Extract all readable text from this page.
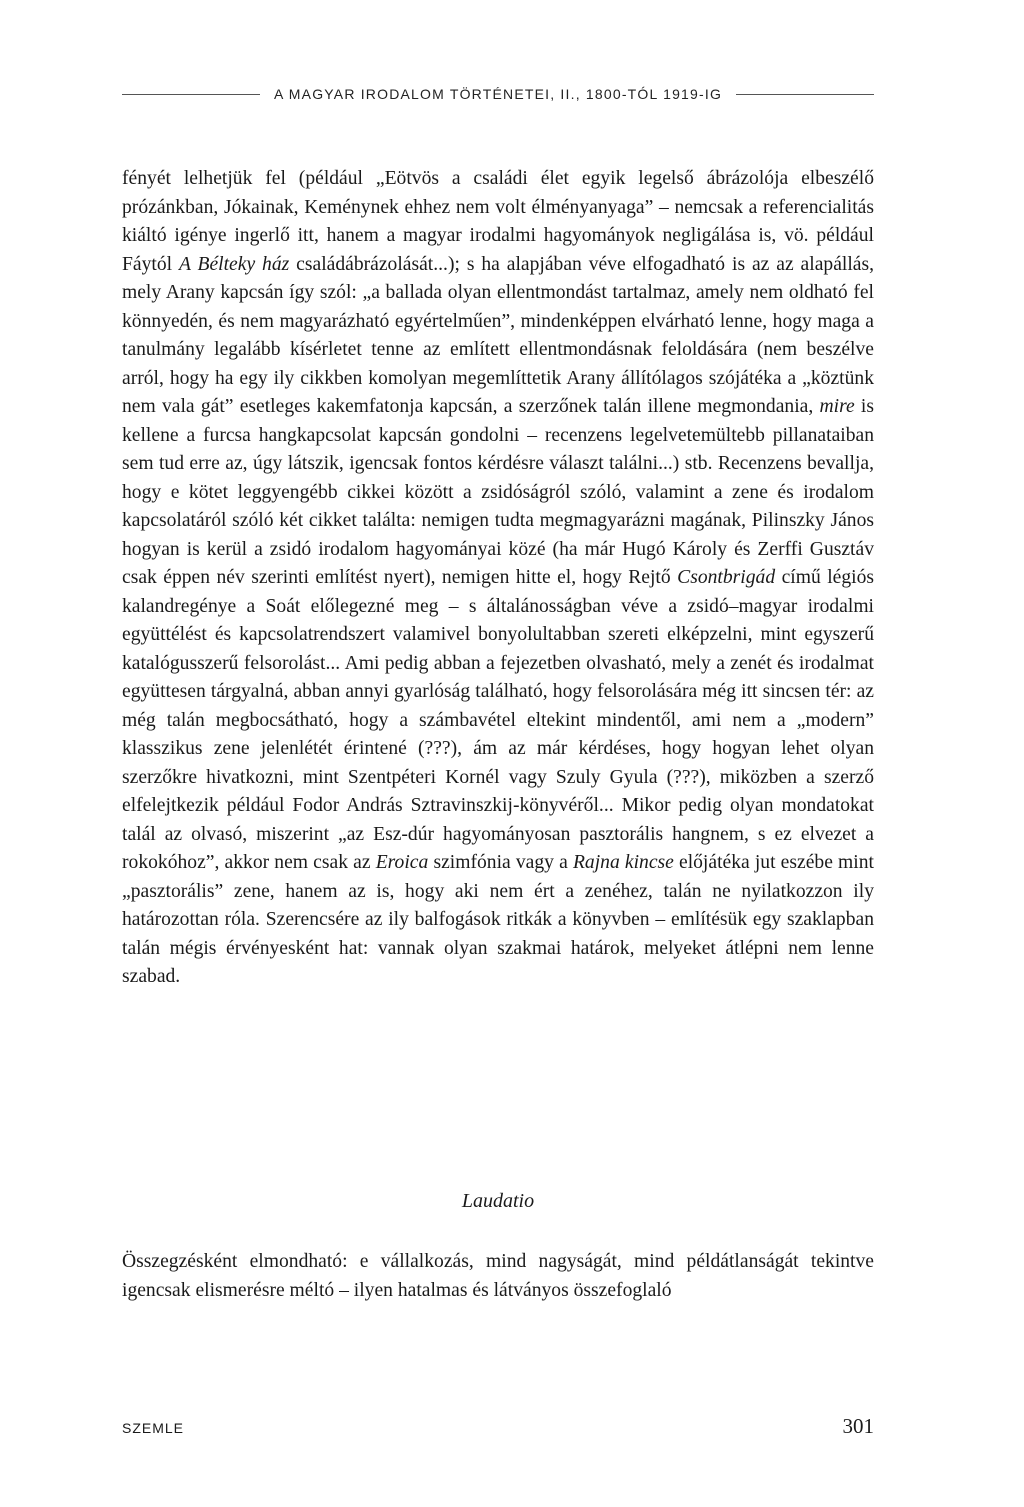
A MAGYAR IRODALOM TÖRTÉNETEI, II., 1800-TÓL 1919-IG

fényét lelhetjük fel (például „Eötvös a családi élet egyik legelső ábrázolója elbeszélő prózánkban, Jókainak, Keménynek ehhez nem volt élményanyaga” – nemcsak a referencialitás kiáltó igénye ingerlő itt, hanem a magyar irodalmi hagyományok negligálása is, vö. például Fáytól A Bélteky ház családábrázolását...); s ha alapjában véve elfogadható is az az alapállás, mely Arany kapcsán így szól: „a ballada olyan ellentmondást tartalmaz, amely nem oldható fel könnyedén, és nem magyarázható egyértelműen”, mindenképpen elvárható lenne, hogy maga a tanulmány legalább kísérletet tenne az említett ellentmondásnak feloldására (nem beszélve arról, hogy ha egy ily cikkben komolyan megemlíttetik Arany állítólagos szójátéka a „köztünk nem vala gát” esetleges kakemfatonja kapcsán, a szerzőnek talán illene megmondania, mire is kellene a furcsa hangkapcsolat kapcsán gondolni – recenzens legelvetemültebb pillanataiban sem tud erre az, úgy látszik, igencsak fontos kérdésre választ találni...) stb. Recenzens bevallja, hogy e kötet leggyengébb cikkei között a zsidóságról szóló, valamint a zene és irodalom kapcsolatáról szóló két cikket találta: nemigen tudta megmagyarázni magának, Pilinszky János hogyan is kerül a zsidó irodalom hagyományai közé (ha már Hugó Károly és Zerffi Gusztáv csak éppen név szerinti említést nyert), nemigen hitte el, hogy Rejtő Csontbrigád című légiós kalandregénye a Soát előlegezné meg – s általánosságban véve a zsidó–magyar irodalmi együttélést és kapcsolatrendszert valamivel bonyolultabban szereti elképzelni, mint egyszerű katalógusszerű felsorolást... Ami pedig abban a fejezetben olvasható, mely a zenét és irodalmat együttesen tárgyalná, abban annyi gyarlóság található, hogy felsorolására még itt sincsen tér: az még talán megbocsátható, hogy a számbavétel eltekint mindentől, ami nem a „modern” klasszikus zene jelenlétét érintené (???), ám az már kérdéses, hogy hogyan lehet olyan szerzőkre hivatkozni, mint Szentpéteri Kornél vagy Szuly Gyula (???), miközben a szerző elfelejtkezik például Fodor András Sztravinszkij-könyvéről... Mikor pedig olyan mondatokat talál az olvasó, miszerint „az Esz-dúr hagyományosan pasztorális hangnem, s ez elvezet a rokokóhoz”, akkor nem csak az Eroica szimfónia vagy a Rajna kincse előjátéka jut eszébe mint „pasztorális” zene, hanem az is, hogy aki nem ért a zenéhez, talán ne nyilatkozzon ily határozottan róla. Szerencsére az ily balfogások ritkák a könyvben – említésük egy szaklapban talán mégis érvényesként hat: vannak olyan szakmai határok, melyeket átlépni nem lenne szabad.

Laudatio

Összegzésként elmondható: e vállalkozás, mind nagyságát, mind példátlanságát tekintve igencsak elismerésre méltó – ilyen hatalmas és látványos összefoglaló

SZEMLE	301
